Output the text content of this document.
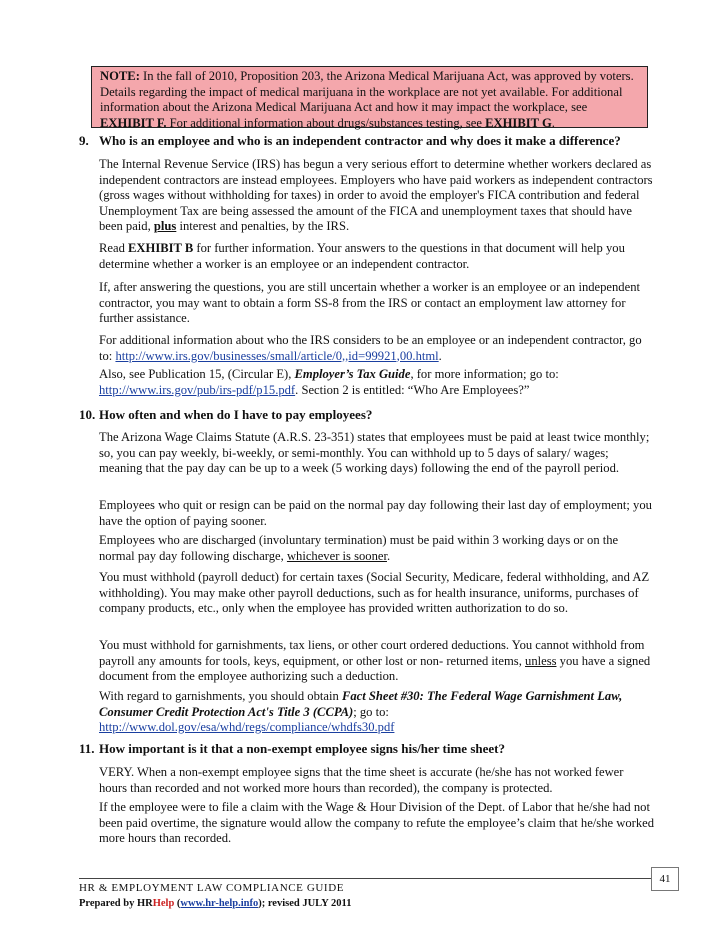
NOTE: In the fall of 2010, Proposition 203, the Arizona Medical Marijuana Act, was approved by voters. Details regarding the impact of medical marijuana in the workplace are not yet available. For additional information about the Arizona Medical Marijuana Act and how it may impact the workplace, see EXHIBIT F. For additional information about drugs/substances testing, see EXHIBIT G.
9. Who is an employee and who is an independent contractor and why does it make a difference?
The Internal Revenue Service (IRS) has begun a very serious effort to determine whether workers declared as independent contractors are instead employees. Employers who have paid workers as independent contractors (gross wages without withholding for taxes) in order to avoid the employer's FICA contribution and federal Unemployment Tax are being assessed the amount of the FICA and unemployment taxes that should have been paid, plus interest and penalties, by the IRS.
Read EXHIBIT B for further information. Your answers to the questions in that document will help you determine whether a worker is an employee or an independent contractor.
If, after answering the questions, you are still uncertain whether a worker is an employee or an independent contractor, you may want to obtain a form SS-8 from the IRS or contact an employment law attorney for further assistance.
For additional information about who the IRS considers to be an employee or an independent contractor, go to: http://www.irs.gov/businesses/small/article/0,,id=99921,00.html.
Also, see Publication 15, (Circular E), Employer’s Tax Guide, for more information; go to: http://www.irs.gov/pub/irs-pdf/p15.pdf. Section 2 is entitled: “Who Are Employees?”
10. How often and when do I have to pay employees?
The Arizona Wage Claims Statute (A.R.S. 23-351) states that employees must be paid at least twice monthly; so, you can pay weekly, bi-weekly, or semi-monthly. You can withhold up to 5 days of salary/ wages; meaning that the pay day can be up to a week (5 working days) following the end of the payroll period.
Employees who quit or resign can be paid on the normal pay day following their last day of employment; you have the option of paying sooner.
Employees who are discharged (involuntary termination) must be paid within 3 working days or on the normal pay day following discharge, whichever is sooner.
You must withhold (payroll deduct) for certain taxes (Social Security, Medicare, federal withholding, and AZ withholding). You may make other payroll deductions, such as for health insurance, uniforms, purchases of company products, etc., only when the employee has provided written authorization to do so.
You must withhold for garnishments, tax liens, or other court ordered deductions. You cannot withhold from payroll any amounts for tools, keys, equipment, or other lost or non- returned items, unless you have a signed document from the employee authorizing such a deduction.
With regard to garnishments, you should obtain Fact Sheet #30: The Federal Wage Garnishment Law, Consumer Credit Protection Act's Title 3 (CCPA); go to: http://www.dol.gov/esa/whd/regs/compliance/whdfs30.pdf
11. How important is it that a non-exempt employee signs his/her time sheet?
VERY. When a non-exempt employee signs that the time sheet is accurate (he/she has not worked fewer hours than recorded and not worked more hours than recorded), the company is protected.
If the employee were to file a claim with the Wage & Hour Division of the Dept. of Labor that he/she had not been paid overtime, the signature would allow the company to refute the employee’s claim that he/she worked more hours than recorded.
41
HR & EMPLOYMENT LAW COMPLIANCE GUIDE
Prepared by HRHelp (www.hr-help.info); revised JULY 2011
